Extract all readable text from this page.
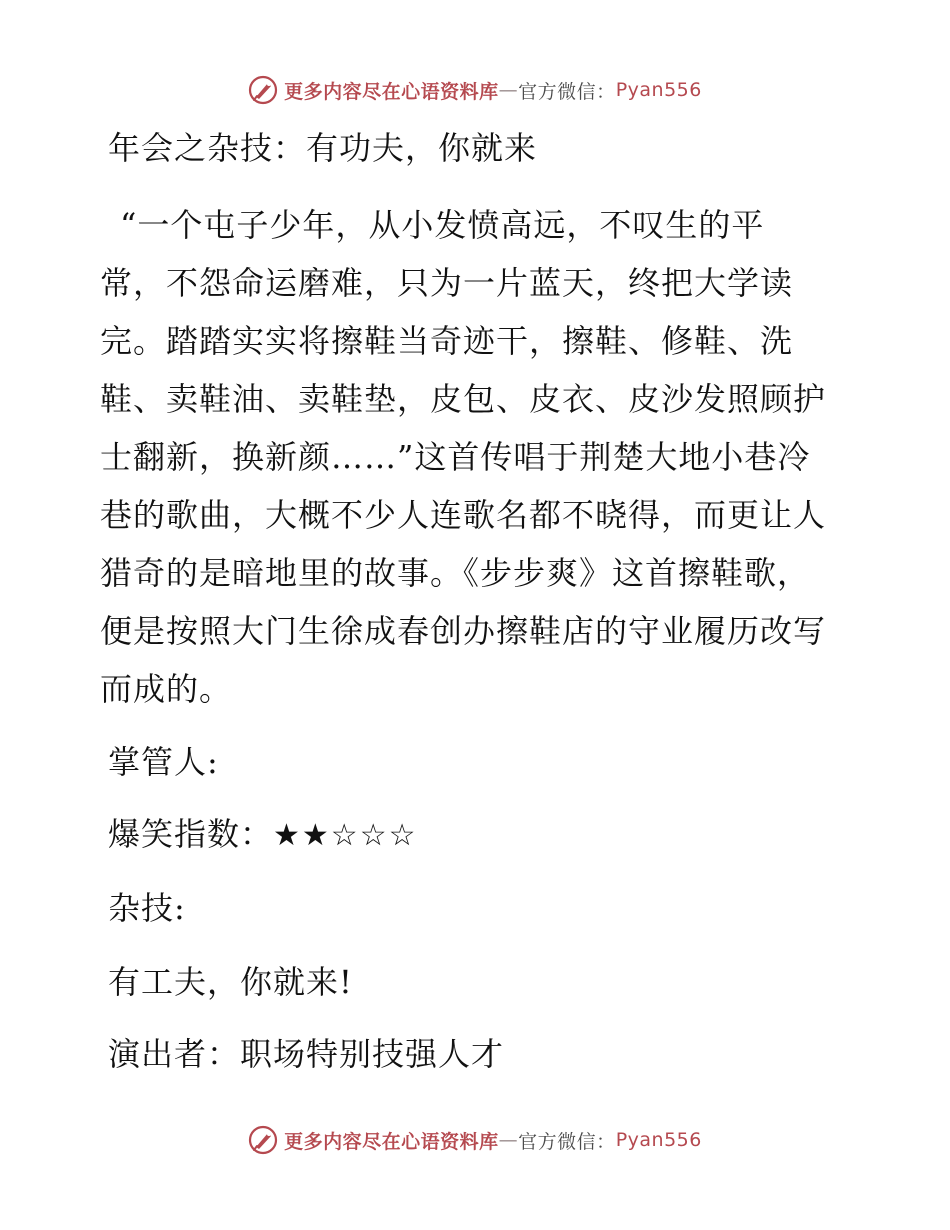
更多内容尽在心语资料库 — 官方微信： Pyan556
年会之杂技：有功夫，你就来
“一个屯子少年，从小发愤高远，不叹生的平
常，不怨命运磨难，只为一片蓝天，终把大学读
完。踏踏实实将擦鞋当奇迹干，擦鞋、修鞋、洗
鞋、卖鞋油、卖鞋垫，皮包、皮衣、皮沙发照顾护
士翻新，换新颜……”这首传唱于荆楚大地小巷冷
巷的歌曲，大概不少人连歌名都不晓得，而更让人
猎奇的是暗地里的故事。《步步爽》这首擦鞋歌，
便是按照大门生徐成春创办擦鞋店的守业履历改写
而成的。
掌管人:
爆笑指数：★★☆☆☆
杂技:
有工夫，你就来!
演出者：职场特别技强人才
更多内容尽在心语资料库 — 官方微信： Pyan556
